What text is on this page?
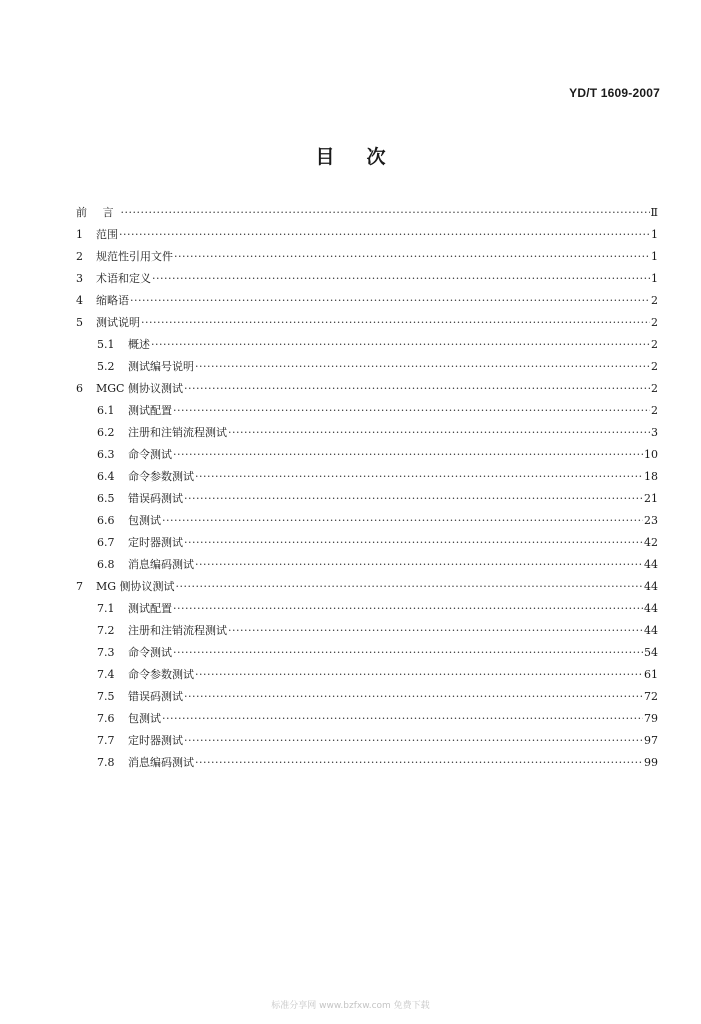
YD/T 1609-2007
目次
前 言 ·····	Ⅱ
1	范围 ·····	1
2	规范性引用文件 ·····	1
3	术语和定义 ·····	1
4	缩略语 ·····	2
5	测试说明 ·····	2
5.1	概述 ·····	2
5.2	测试编号说明 ·····	2
6	MGC 侧协议测试 ·····	2
6.1	测试配置 ·····	2
6.2	注册和注销流程测试 ·····	3
6.3	命令测试 ·····	10
6.4	命令参数测试 ·····	18
6.5	错误码测试 ·····	21
6.6	包测试 ·····	23
6.7	定时器测试 ·····	42
6.8	消息编码测试 ·····	44
7	MG 侧协议测试 ·····	44
7.1	测试配置 ·····	44
7.2	注册和注销流程测试 ·····	44
7.3	命令测试 ·····	54
7.4	命令参数测试 ·····	61
7.5	错误码测试 ·····	72
7.6	包测试 ·····	79
7.7	定时器测试 ·····	97
7.8	消息编码测试 ·····	99
标准分享网 www.bzfxw.com 免费下载
